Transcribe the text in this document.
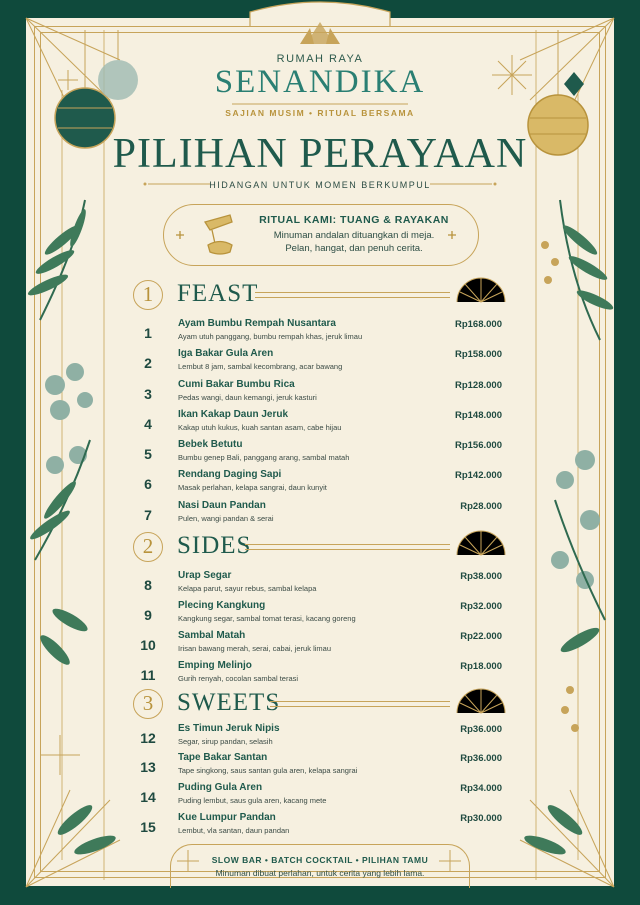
RUMAH RAYA
SENANDIKA
SAJIAN MUSIM • RITUAL BERSAMA
PILIHAN PERAYAAN
HIDANGAN UNTUK MOMEN BERKUMPUL
RITUAL KAMI: TUANG & RAYAKAN
Minuman andalan dituangkan di meja.
Pelan, hangat, dan penuh cerita.
1 FEAST
1
Ayam Bumbu Rempah Nusantara
Ayam utuh panggang, bumbu rempah khas, jeruk limau
Rp168.000
2
Iga Bakar Gula Aren
Lembut 8 jam, sambal kecombrang, acar bawang
Rp158.000
3
Cumi Bakar Bumbu Rica
Pedas wangi, daun kemangi, jeruk kasturi
Rp128.000
4
Ikan Kakap Daun Jeruk
Kakap utuh kukus, kuah santan asam, cabe hijau
Rp148.000
5
Bebek Betutu
Bumbu genep Bali, panggang arang, sambal matah
Rp156.000
6
Rendang Daging Sapi
Masak perlahan, kelapa sangrai, daun kunyit
Rp142.000
7
Nasi Daun Pandan
Pulen, wangi pandan & serai
Rp28.000
2 SIDES
8
Urap Segar
Kelapa parut, sayur rebus, sambal kelapa
Rp38.000
9
Plecing Kangkung
Kangkung segar, sambal tomat terasi, kacang goreng
Rp32.000
10
Sambal Matah
Irisan bawang merah, serai, cabai, jeruk limau
Rp22.000
11
Emping Melinjo
Gurih renyah, cocolan sambal terasi
Rp18.000
3 SWEETS
12
Es Timun Jeruk Nipis
Segar, sirup pandan, selasih
Rp36.000
13
Tape Bakar Santan
Tape singkong, saus santan gula aren, kelapa sangrai
Rp36.000
14
Puding Gula Aren
Puding lembut, saus gula aren, kacang mete
Rp34.000
15
Kue Lumpur Pandan
Lembut, vla santan, daun pandan
Rp30.000
SLOW BAR • BATCH COCKTAIL • PILIHAN TAMU
Minuman dibuat perlahan, untuk cerita yang lebih lama.
